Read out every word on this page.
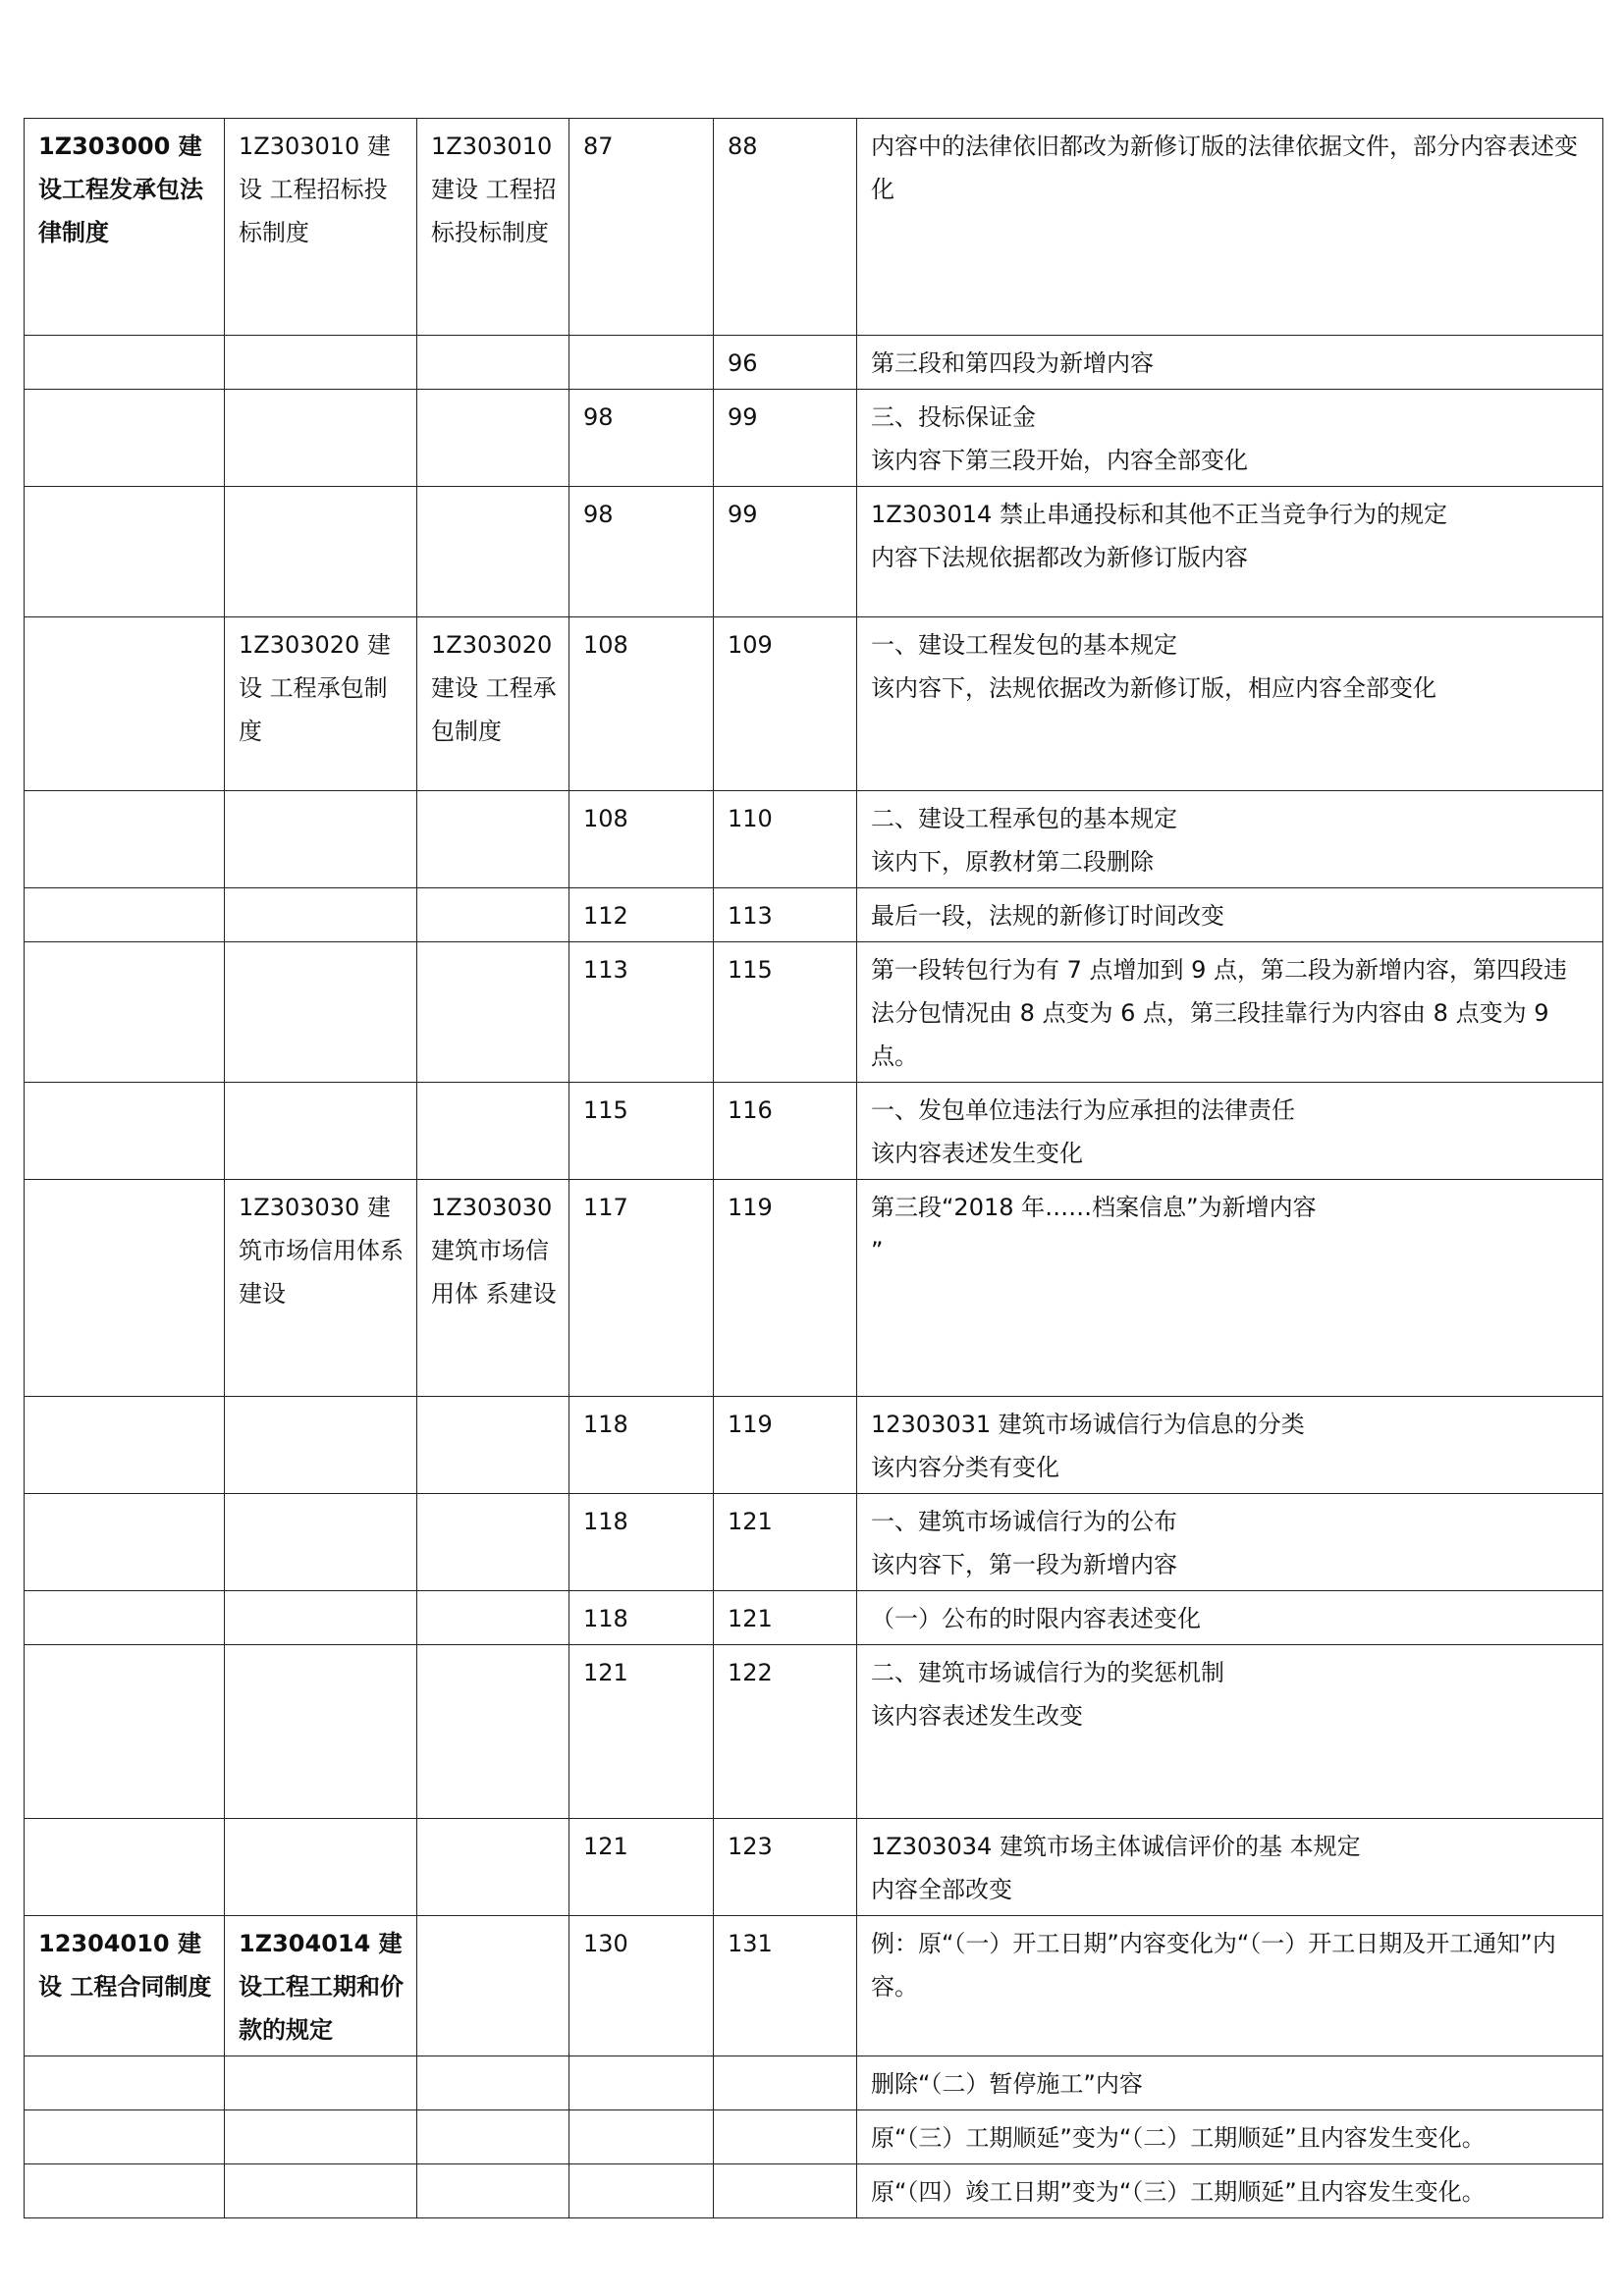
1Z303000 建设工程发承包法律制度	1Z303010 建设 工程招标投标制度	1Z303010 建设 工程招标投标制度	87	88	内容中的法律依旧都改为新修订版的法律依据文件，部分内容表述变化

				96	第三段和第四段为新增内容

			98	99	三、投标保证金
该内容下第三段开始，内容全部变化

			98	99	1Z303014 禁止串通投标和其他不正当竞争行为的规定
内容下法规依据都改为新修订版内容

	1Z303020 建设 工程承包制度	1Z303020 建设 工程承包制度	108	109	一、建设工程发包的基本规定
该内容下，法规依据改为新修订版，相应内容全部变化

			108	110	二、建设工程承包的基本规定
该内下，原教材第二段删除

			112	113	最后一段，法规的新修订时间改变

			113	115	第一段转包行为有 7 点增加到 9 点，第二段为新增内容，第四段违法分包情况由 8 点变为 6 点，第三段挂靠行为内容由 8 点变为 9 点。

			115	116	一、发包单位违法行为应承担的法律责任
该内容表述发生变化

	1Z303030 建筑市场信用体系建设	1Z303030 建筑市场信用体 系建设	117	119	第三段“2018 年……档案信息”为新增内容
”

			118	119	12303031 建筑市场诚信行为信息的分类
该内容分类有变化

			118	121	一、建筑市场诚信行为的公布
该内容下，第一段为新增内容

			118	121	（一）公布的时限内容表述变化

			121	122	二、建筑市场诚信行为的奖惩机制
该内容表述发生改变

			121	123	1Z303034 建筑市场主体诚信评价的基 本规定
内容全部改变

12304010 建设 工程合同制度	1Z304014 建设工程工期和价款的规定		130	131	例：原“（一）开工日期”内容变化为“（一）开工日期及开工通知”内容。

					删除“（二）暂停施工”内容

					原“（三）工期顺延”变为“（二）工期顺延”且内容发生变化。

					原“（四）竣工日期”变为“（三）工期顺延”且内容发生变化。
